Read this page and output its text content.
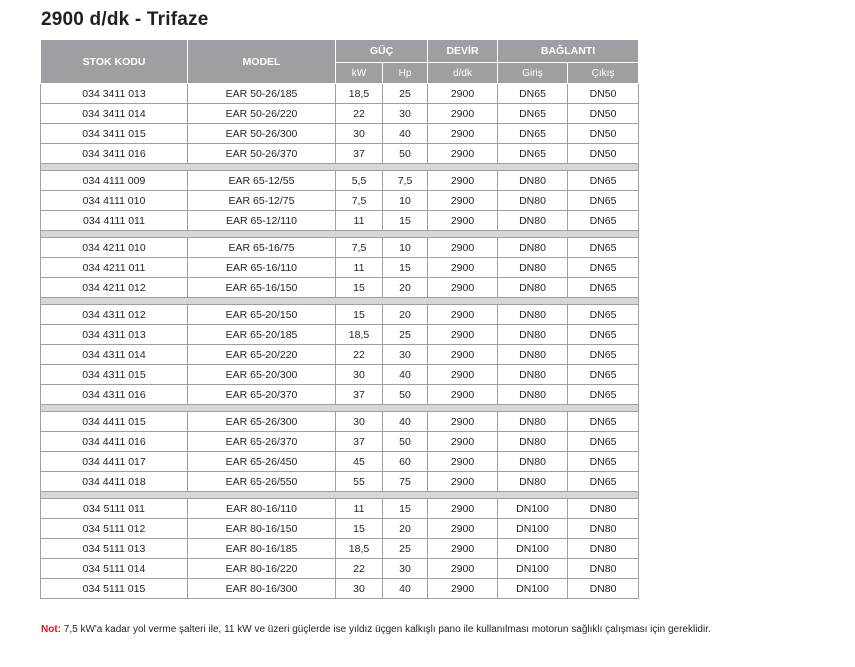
2900 d/dk - Trifaze
STOK KODU	MODEL	GÜÇ		DEVİR	BAĞLANTI	
		kW	Hp	d/dk	Giriş	Çıkış
034 3411 013	EAR 50-26/185	18,5	25	2900	DN65	DN50
034 3411 014	EAR 50-26/220	22	30	2900	DN65	DN50
034 3411 015	EAR 50-26/300	30	40	2900	DN65	DN50
034 3411 016	EAR 50-26/370	37	50	2900	DN65	DN50

034 4111 009	EAR 65-12/55	5,5	7,5	2900	DN80	DN65
034 4111 010	EAR 65-12/75	7,5	10	2900	DN80	DN65
034 4111 011	EAR 65-12/110	11	15	2900	DN80	DN65

034 4211 010	EAR 65-16/75	7,5	10	2900	DN80	DN65
034 4211 011	EAR 65-16/110	11	15	2900	DN80	DN65
034 4211 012	EAR 65-16/150	15	20	2900	DN80	DN65

034 4311 012	EAR 65-20/150	15	20	2900	DN80	DN65
034 4311 013	EAR 65-20/185	18,5	25	2900	DN80	DN65
034 4311 014	EAR 65-20/220	22	30	2900	DN80	DN65
034 4311 015	EAR 65-20/300	30	40	2900	DN80	DN65
034 4311 016	EAR 65-20/370	37	50	2900	DN80	DN65

034 4411 015	EAR 65-26/300	30	40	2900	DN80	DN65
034 4411 016	EAR 65-26/370	37	50	2900	DN80	DN65
034 4411 017	EAR 65-26/450	45	60	2900	DN80	DN65
034 4411 018	EAR 65-26/550	55	75	2900	DN80	DN65

034 5111 011	EAR 80-16/110	11	15	2900	DN100	DN80
034 5111 012	EAR 80-16/150	15	20	2900	DN100	DN80
034 5111 013	EAR 80-16/185	18,5	25	2900	DN100	DN80
034 5111 014	EAR 80-16/220	22	30	2900	DN100	DN80
034 5111 015	EAR 80-16/300	30	40	2900	DN100	DN80
Not: 7,5 kW'a kadar yol verme şalteri ile, 11 kW ve üzeri güçlerde ise yıldız üçgen kalkışlı pano ile kullanılması motorun sağlıklı çalışması için gereklidir.
